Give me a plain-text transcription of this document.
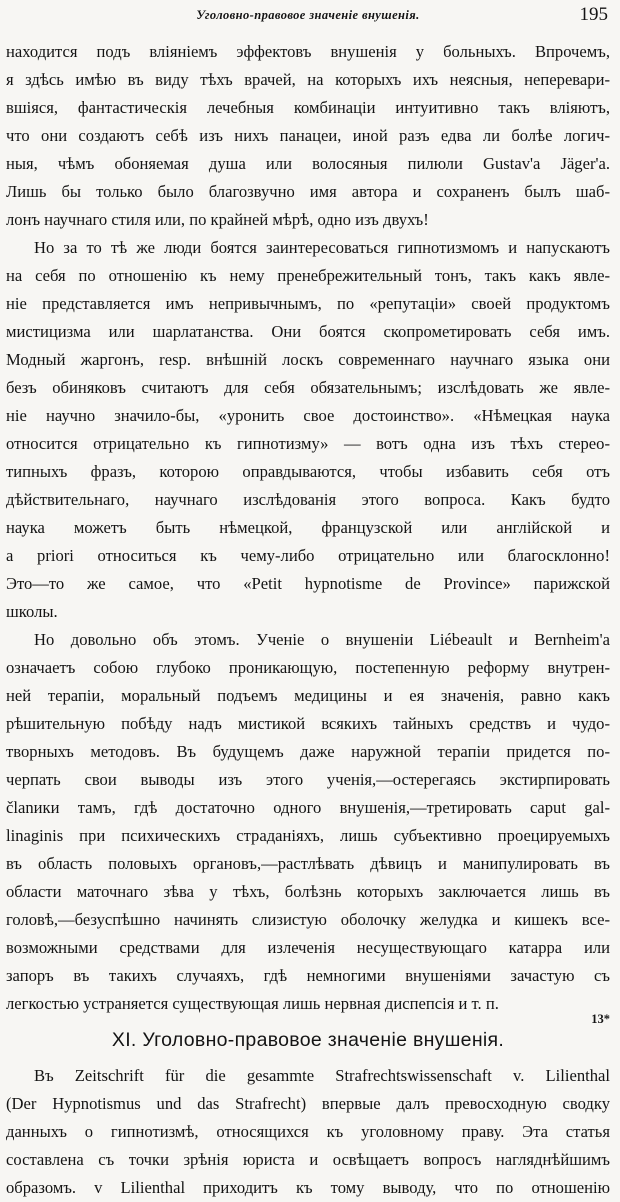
Уголовно-правовое значеніе внушенія.	195
находится подъ вліяніемъ эффектовъ внушенія у больныхъ. Впрочемъ,
я здѣсь имѣю въ виду тѣхъ врачей, на которыхъ ихъ неясныя, неперевари-
вшіяся, фантастическія лечебныя комбинаціи интуитивно такъ вліяютъ,
что они создаютъ себѣ изъ нихъ панацеи, иной разъ едва ли болѣе логич-
ныя, чѣмъ обоняемая душа или волосяныя пилюли Gustav'a Jäger'a.
Лишь бы только было благозвучно имя автора и сохраненъ былъ шаб-
лонъ научнаго стиля или, по крайней мѣрѣ, одно изъ двухъ!
Но за то тѣ же люди боятся заинтересоваться гипнотизмомъ и напускаютъ
на себя по отношенію къ нему пренебрежительный тонъ, такъ какъ явле-
ніе представляется имъ непривычнымъ, по «репутаціи» своей продуктомъ
мистицизма или шарлатанства. Они боятся скопрометировать себя имъ.
Модный жаргонъ, resp. внѣшній лоскъ современнаго научнаго языка они
безъ обиняковъ считаютъ для себя обязательнымъ; изслѣдовать же явле-
ніе научно значило-бы, «уронить свое достоинство». «Нѣмецкая наука
относится отрицательно къ гипнотизму» — вотъ одна изъ тѣхъ стерео-
типныхъ фразъ, которою оправдываются, чтобы избавить себя отъ
дѣйствительнаго, научнаго изслѣдованія этого вопроса. Какъ будто
наука можетъ быть нѣмецкой, французской или англійской и
a priori относиться къ чему-либо отрицательно или благосклонно!
Это—то же самое, что «Petit hypnotisme de Province» парижской
школы.
Но довольно объ этомъ. Ученіе о внушеніи Liébeault и Bernheim'a
означаетъ собою глубоко проникающую, постепенную реформу внутрен-
ней терапіи, моральный подъемъ медицины и ея значенія, равно какъ
рѣшительную побѣду надъ мистикой всякихъ тайныхъ средствъ и чудо-
творныхъ методовъ. Въ будущемъ даже наружной терапіи придется по-
черпать свои выводы изъ этого ученія,—остерегаясь экстирпировать
članики тамъ, гдѣ достаточно одного внушенія,—третировать caput gal-
linaginis при психическихъ страданіяхъ, лишь субъективно проецируемыхъ
въ область половыхъ органовъ,—растлѣвать дѣвицъ и манипулировать въ
области маточнаго зѣва у тѣхъ, болѣзнь которыхъ заключается лишь въ
головѣ,—безуспѣшно начинять слизистую оболочку желудка и кишекъ все-
возможными средствами для излеченія несуществующаго катарра или
запоръ въ такихъ случаяхъ, гдѣ немногими внушеніями зачастую съ
легкостью устраняется существующая лишь нервная диспепсія и т. п.
XI. Уголовно-правовое значеніе внушенія.
Въ Zeitschrift für die gesammte Strafrechtswissenschaft v. Lilienthal
(Der Hypnotismus und das Strafrecht) впервые далъ превосходную сводку
данныхъ о гипнотизмѣ, относящихся къ уголовному праву. Эта статья
составлена съ точки зрѣнія юриста и освѣщаетъ вопросъ нагляднѣйшимъ
образомъ. v Lilienthal приходитъ къ тому выводу, что по отношенію
13*
